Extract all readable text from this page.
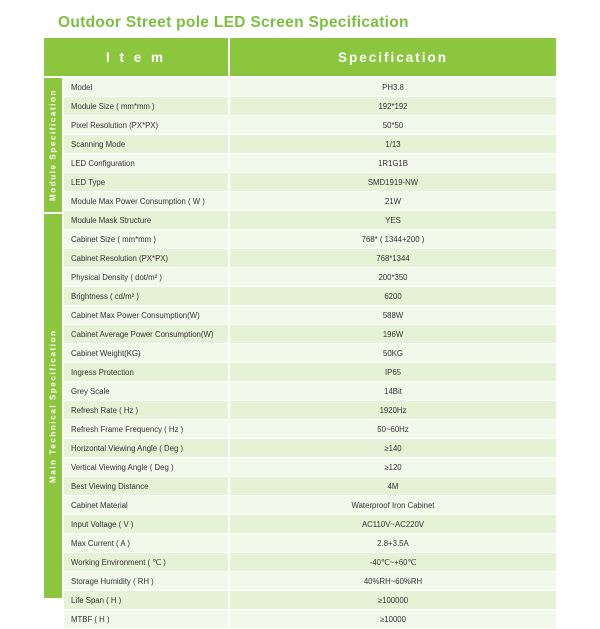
Outdoor Street pole LED Screen Specification
I t e m	Specification
Module Specification
Main Technical Specification
Model	PH3.8
Module Size ( mm*mm )	192*192
Pixel Resolution (PX*PX)	50*50
Scanning Mode	1/13
LED Configuration	1R1G1B
LED Type	SMD1919-NW
Module Max Power Consumption ( W )	21W
Module Mask Structure	YES
Cabinet Size ( mm*mm )	768* ( 1344+200 )
Cabinet Resolution (PX*PX)	768*1344
Physical Density ( dot/m² )	200*350
Brightness ( cd/m² )	6200
Cabinet Max Power Consumption(W)	588W
Cabinet Average Power Consumption(W)	196W
Cabinet Weight(KG)	50KG
Ingress Protection	IP65
Grey Scale	14Bit
Refresh Rate ( Hz )	1920Hz
Refresh Frame Frequency ( Hz )	50~60Hz
Horizontal Viewing Angle ( Deg )	≥140
Vertical Viewing Angle ( Deg )	≥120
Best Viewing Distance	4M
Cabinet Material	Waterproof Iron Cabinet
Input Voltage ( V )	AC110V~AC220V
Max Current ( A )	2.8+3.5A
Working Environment ( ℃ )	-40℃~+60℃
Storage Humidity ( RH )	40%RH~60%RH
Life Span ( H )	≥100000
MTBF ( H )	≥10000
